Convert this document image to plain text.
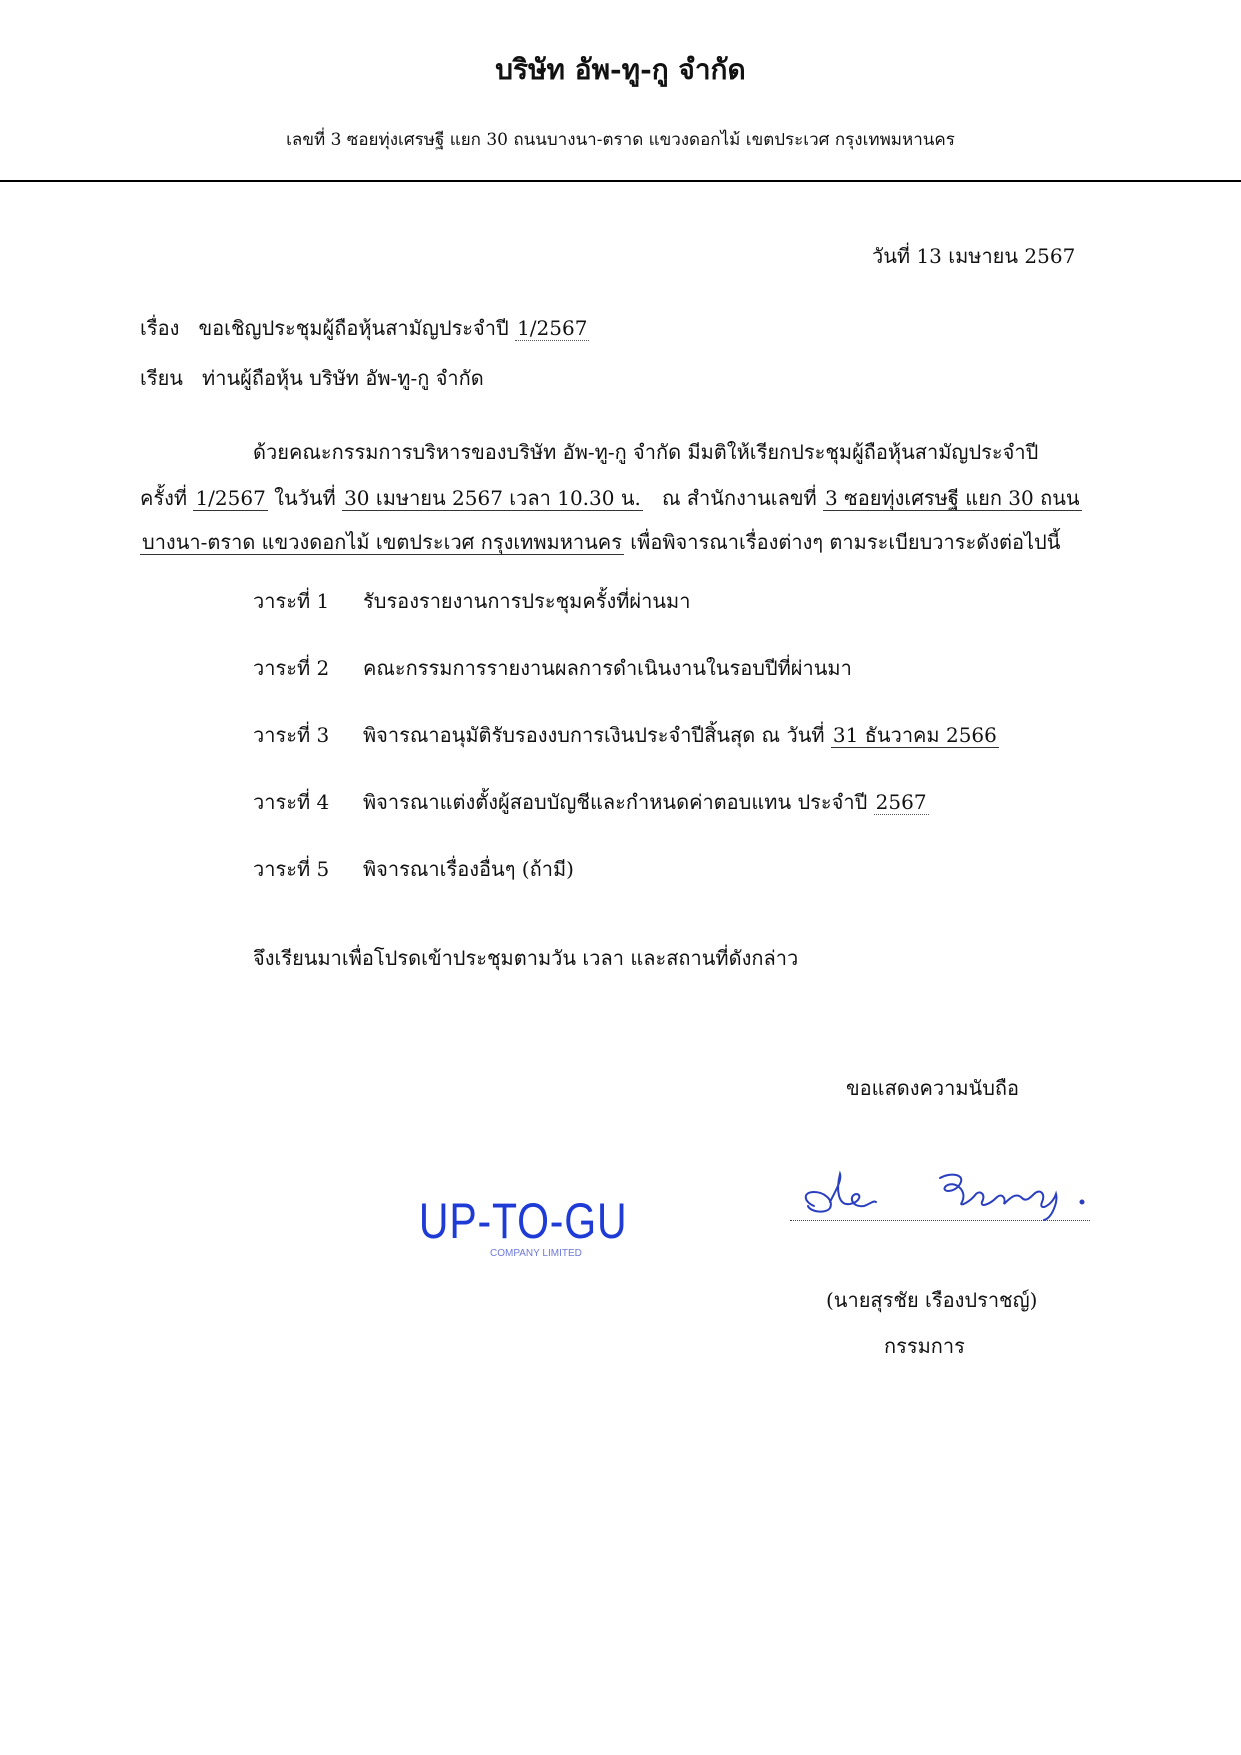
บริษัท อัพ-ทู-กู จำกัด
เลขที่ 3 ซอยทุ่งเศรษฐี แยก 30 ถนนบางนา-ตราด แขวงดอกไม้ เขตประเวศ กรุงเทพมหานคร
วันที่ 13 เมษายน 2567
เรื่อง ขอเชิญประชุมผู้ถือหุ้นสามัญประจำปี 1/2567
เรียน ท่านผู้ถือหุ้น บริษัท อัพ-ทู-กู จำกัด
ด้วยคณะกรรมการบริหารของบริษัท อัพ-ทู-กู จำกัด มีมติให้เรียกประชุมผู้ถือหุ้นสามัญประจำปี
ครั้งที่ 1/2567 ในวันที่ 30 เมษายน 2567 เวลา 10.30 น. ณ สำนักงานเลขที่ 3 ซอยทุ่งเศรษฐี แยก 30 ถนน
บางนา-ตราด แขวงดอกไม้ เขตประเวศ กรุงเทพมหานคร เพื่อพิจารณาเรื่องต่างๆ ตามระเบียบวาระดังต่อไปนี้
วาระที่ 1 รับรองรายงานการประชุมครั้งที่ผ่านมา
วาระที่ 2 คณะกรรมการรายงานผลการดำเนินงานในรอบปีที่ผ่านมา
วาระที่ 3 พิจารณาอนุมัติรับรองงบการเงินประจำปีสิ้นสุด ณ วันที่ 31 ธันวาคม 2566
วาระที่ 4 พิจารณาแต่งตั้งผู้สอบบัญชีและกำหนดค่าตอบแทน ประจำปี 2567
วาระที่ 5 พิจารณาเรื่องอื่นๆ (ถ้ามี)
จึงเรียนมาเพื่อโปรดเข้าประชุมตามวัน เวลา และสถานที่ดังกล่าว
ขอแสดงความนับถือ
UP-TO-GU
COMPANY LIMITED
(นายสุรชัย เรืองปราชญ์)
กรรมการ
